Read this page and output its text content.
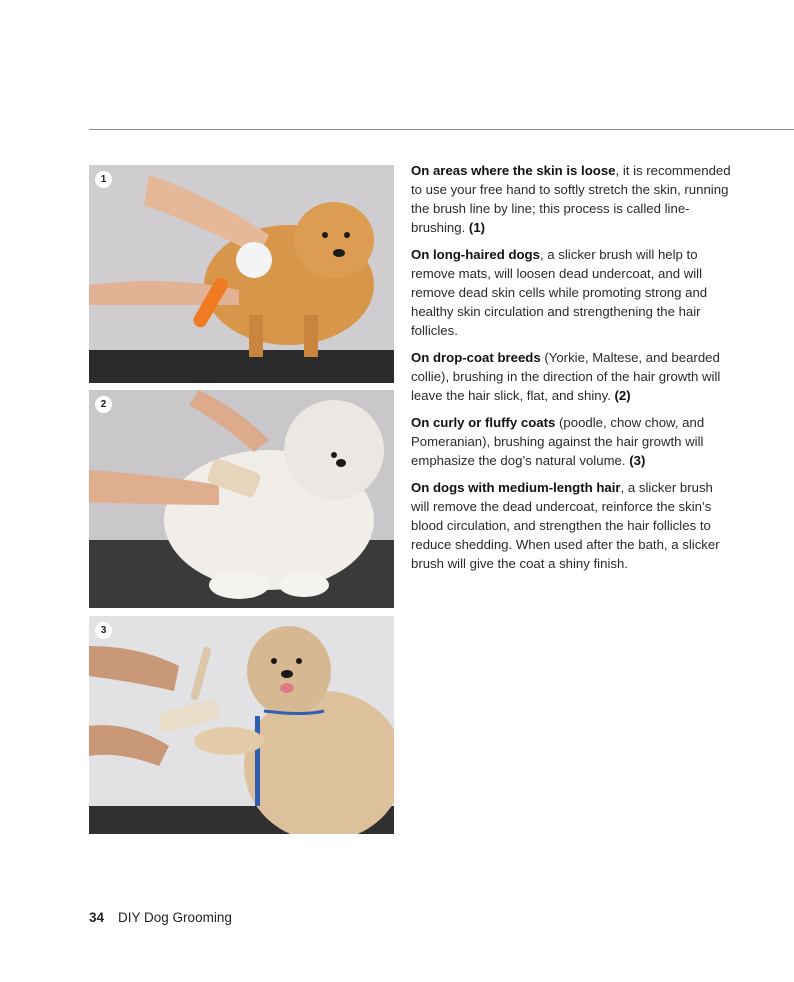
1
2
3

On areas where the skin is loose, it is recommended to use your free hand to softly stretch the skin, running the brush line by line; this process is called line-brushing. (1)

On long-haired dogs, a slicker brush will help to remove mats, will loosen dead undercoat, and will remove dead skin cells while promoting strong and healthy skin circulation and strengthening the hair follicles.

On drop-coat breeds (Yorkie, Maltese, and bearded collie), brushing in the direction of the hair growth will leave the hair slick, flat, and shiny. (2)

On curly or fluffy coats (poodle, chow chow, and Pomeranian), brushing against the hair growth will emphasize the dog’s natural volume. (3)

On dogs with medium-length hair, a slicker brush will remove the dead undercoat, reinforce the skin’s blood circulation, and strengthen the hair follicles to reduce shedding. When used after the bath, a slicker brush will give the coat a shiny finish.

34 DIY Dog Grooming
